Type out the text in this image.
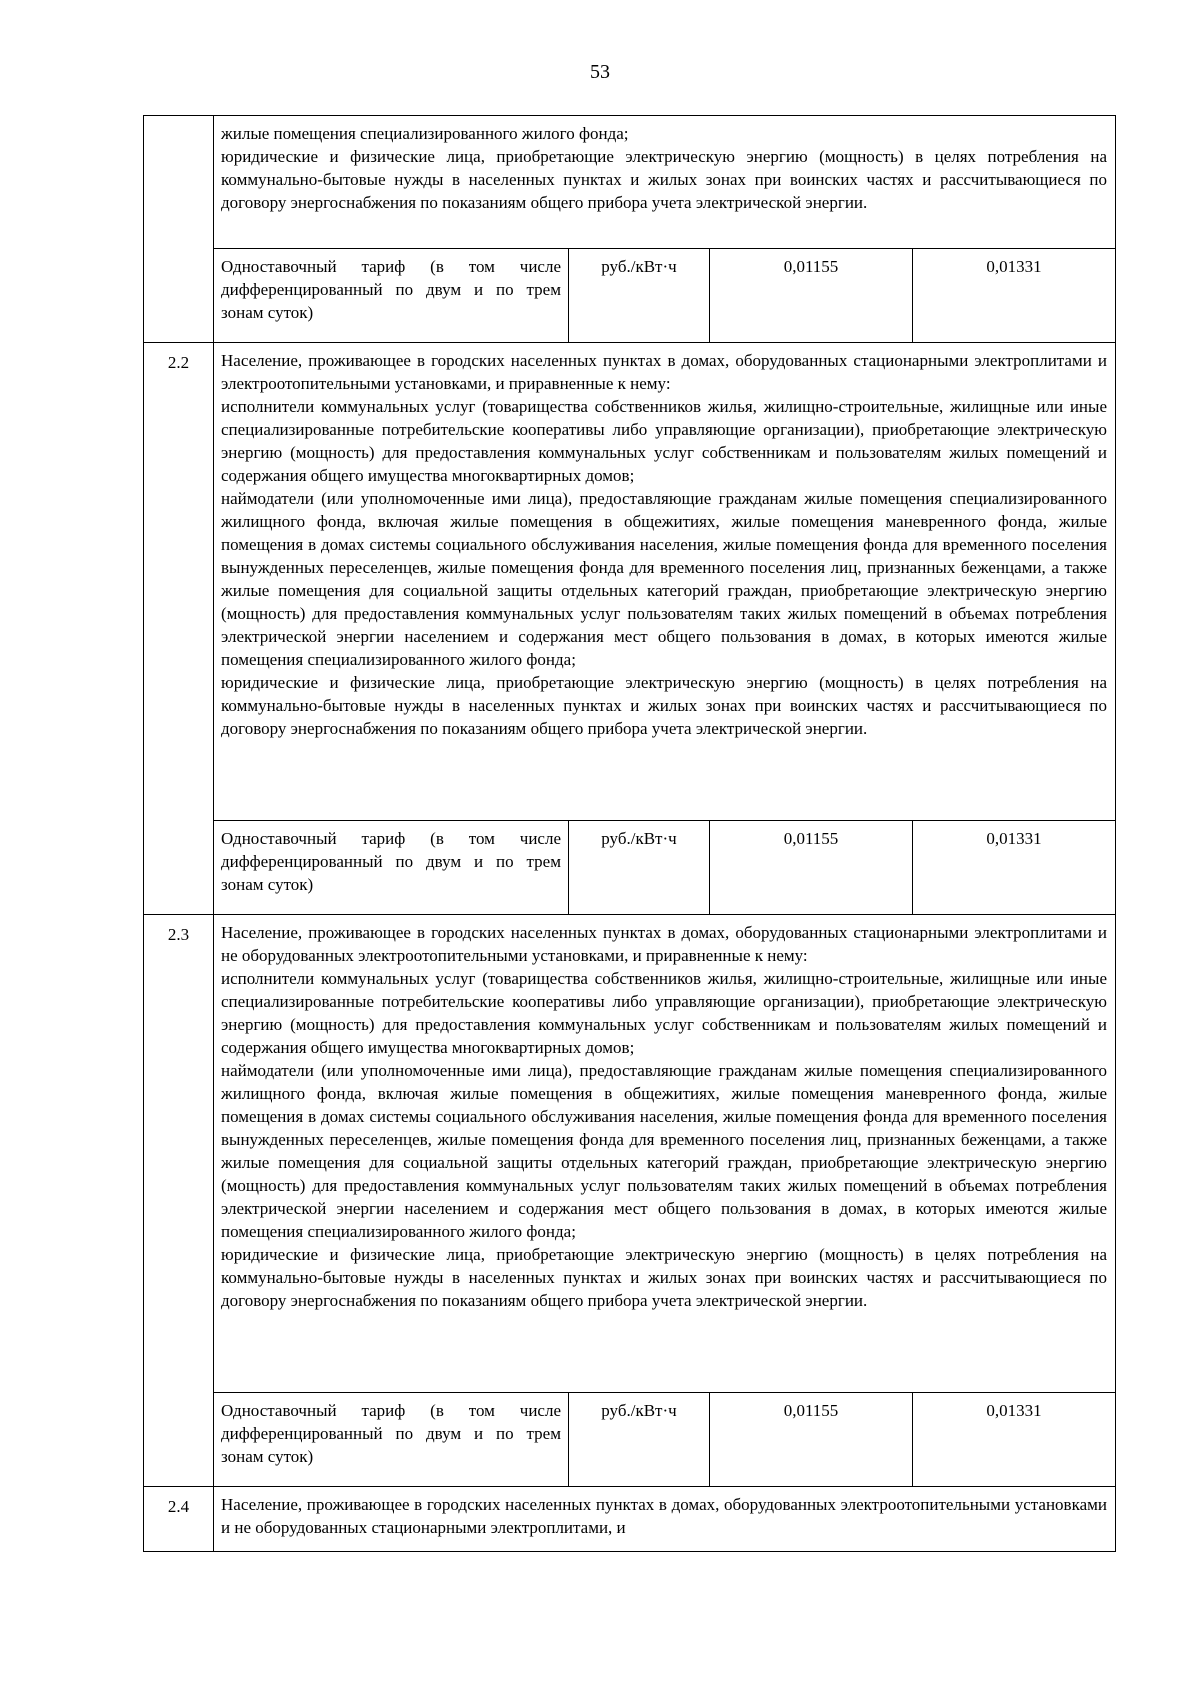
53

жилые помещения специализированного жилого фонда;

юридические и физические лица, приобретающие электрическую энергию (мощность) в целях потребления на коммунально-бытовые нужды в населенных пунктах и жилых зонах при воинских частях и рассчитывающиеся по договору энергоснабжения по показаниям общего прибора учета электрической энергии.

Одноставочный тариф (в том числе дифференцированный по двум и по трем зонам суток)	руб./кВт·ч	0,01155	0,01331

2.2	Население, проживающее в городских населенных пунктах в домах, оборудованных стационарными электроплитами и электроотопительными установками, и приравненные к нему:

исполнители коммунальных услуг (товарищества собственников жилья, жилищно-строительные, жилищные или иные специализированные потребительские кооперативы либо управляющие организации), приобретающие электрическую энергию (мощность) для предоставления коммунальных услуг собственникам и пользователям жилых помещений и содержания общего имущества многоквартирных домов;

наймодатели (или уполномоченные ими лица), предоставляющие гражданам жилые помещения специализированного жилищного фонда, включая жилые помещения в общежитиях, жилые помещения маневренного фонда, жилые помещения в домах системы социального обслуживания населения, жилые помещения фонда для временного поселения вынужденных переселенцев, жилые помещения фонда для временного поселения лиц, признанных беженцами, а также жилые помещения для социальной защиты отдельных категорий граждан, приобретающие электрическую энергию (мощность) для предоставления коммунальных услуг пользователям таких жилых помещений в объемах потребления электрической энергии населением и содержания мест общего пользования в домах, в которых имеются жилые помещения специализированного жилого фонда;

юридические и физические лица, приобретающие электрическую энергию (мощность) в целях потребления на коммунально-бытовые нужды в населенных пунктах и жилых зонах при воинских частях и рассчитывающиеся по договору энергоснабжения по показаниям общего прибора учета электрической энергии.

Одноставочный тариф (в том числе дифференцированный по двум и по трем зонам суток)	руб./кВт·ч	0,01155	0,01331

2.3	Население, проживающее в городских населенных пунктах в домах, оборудованных стационарными электроплитами и не оборудованных электроотопительными установками, и приравненные к нему:

исполнители коммунальных услуг (товарищества собственников жилья, жилищно-строительные, жилищные или иные специализированные потребительские кооперативы либо управляющие организации), приобретающие электрическую энергию (мощность) для предоставления коммунальных услуг собственникам и пользователям жилых помещений и содержания общего имущества многоквартирных домов;

наймодатели (или уполномоченные ими лица), предоставляющие гражданам жилые помещения специализированного жилищного фонда, включая жилые помещения в общежитиях, жилые помещения маневренного фонда, жилые помещения в домах системы социального обслуживания населения, жилые помещения фонда для временного поселения вынужденных переселенцев, жилые помещения фонда для временного поселения лиц, признанных беженцами, а также жилые помещения для социальной защиты отдельных категорий граждан, приобретающие электрическую энергию (мощность) для предоставления коммунальных услуг пользователям таких жилых помещений в объемах потребления электрической энергии населением и содержания мест общего пользования в домах, в которых имеются жилые помещения специализированного жилого фонда;

юридические и физические лица, приобретающие электрическую энергию (мощность) в целях потребления на коммунально-бытовые нужды в населенных пунктах и жилых зонах при воинских частях и рассчитывающиеся по договору энергоснабжения по показаниям общего прибора учета электрической энергии.

Одноставочный тариф (в том числе дифференцированный по двум и по трем зонам суток)	руб./кВт·ч	0,01155	0,01331

2.4	Население, проживающее в городских населенных пунктах в домах, оборудованных электроотопительными установками и не оборудованных стационарными электроплитами, и
